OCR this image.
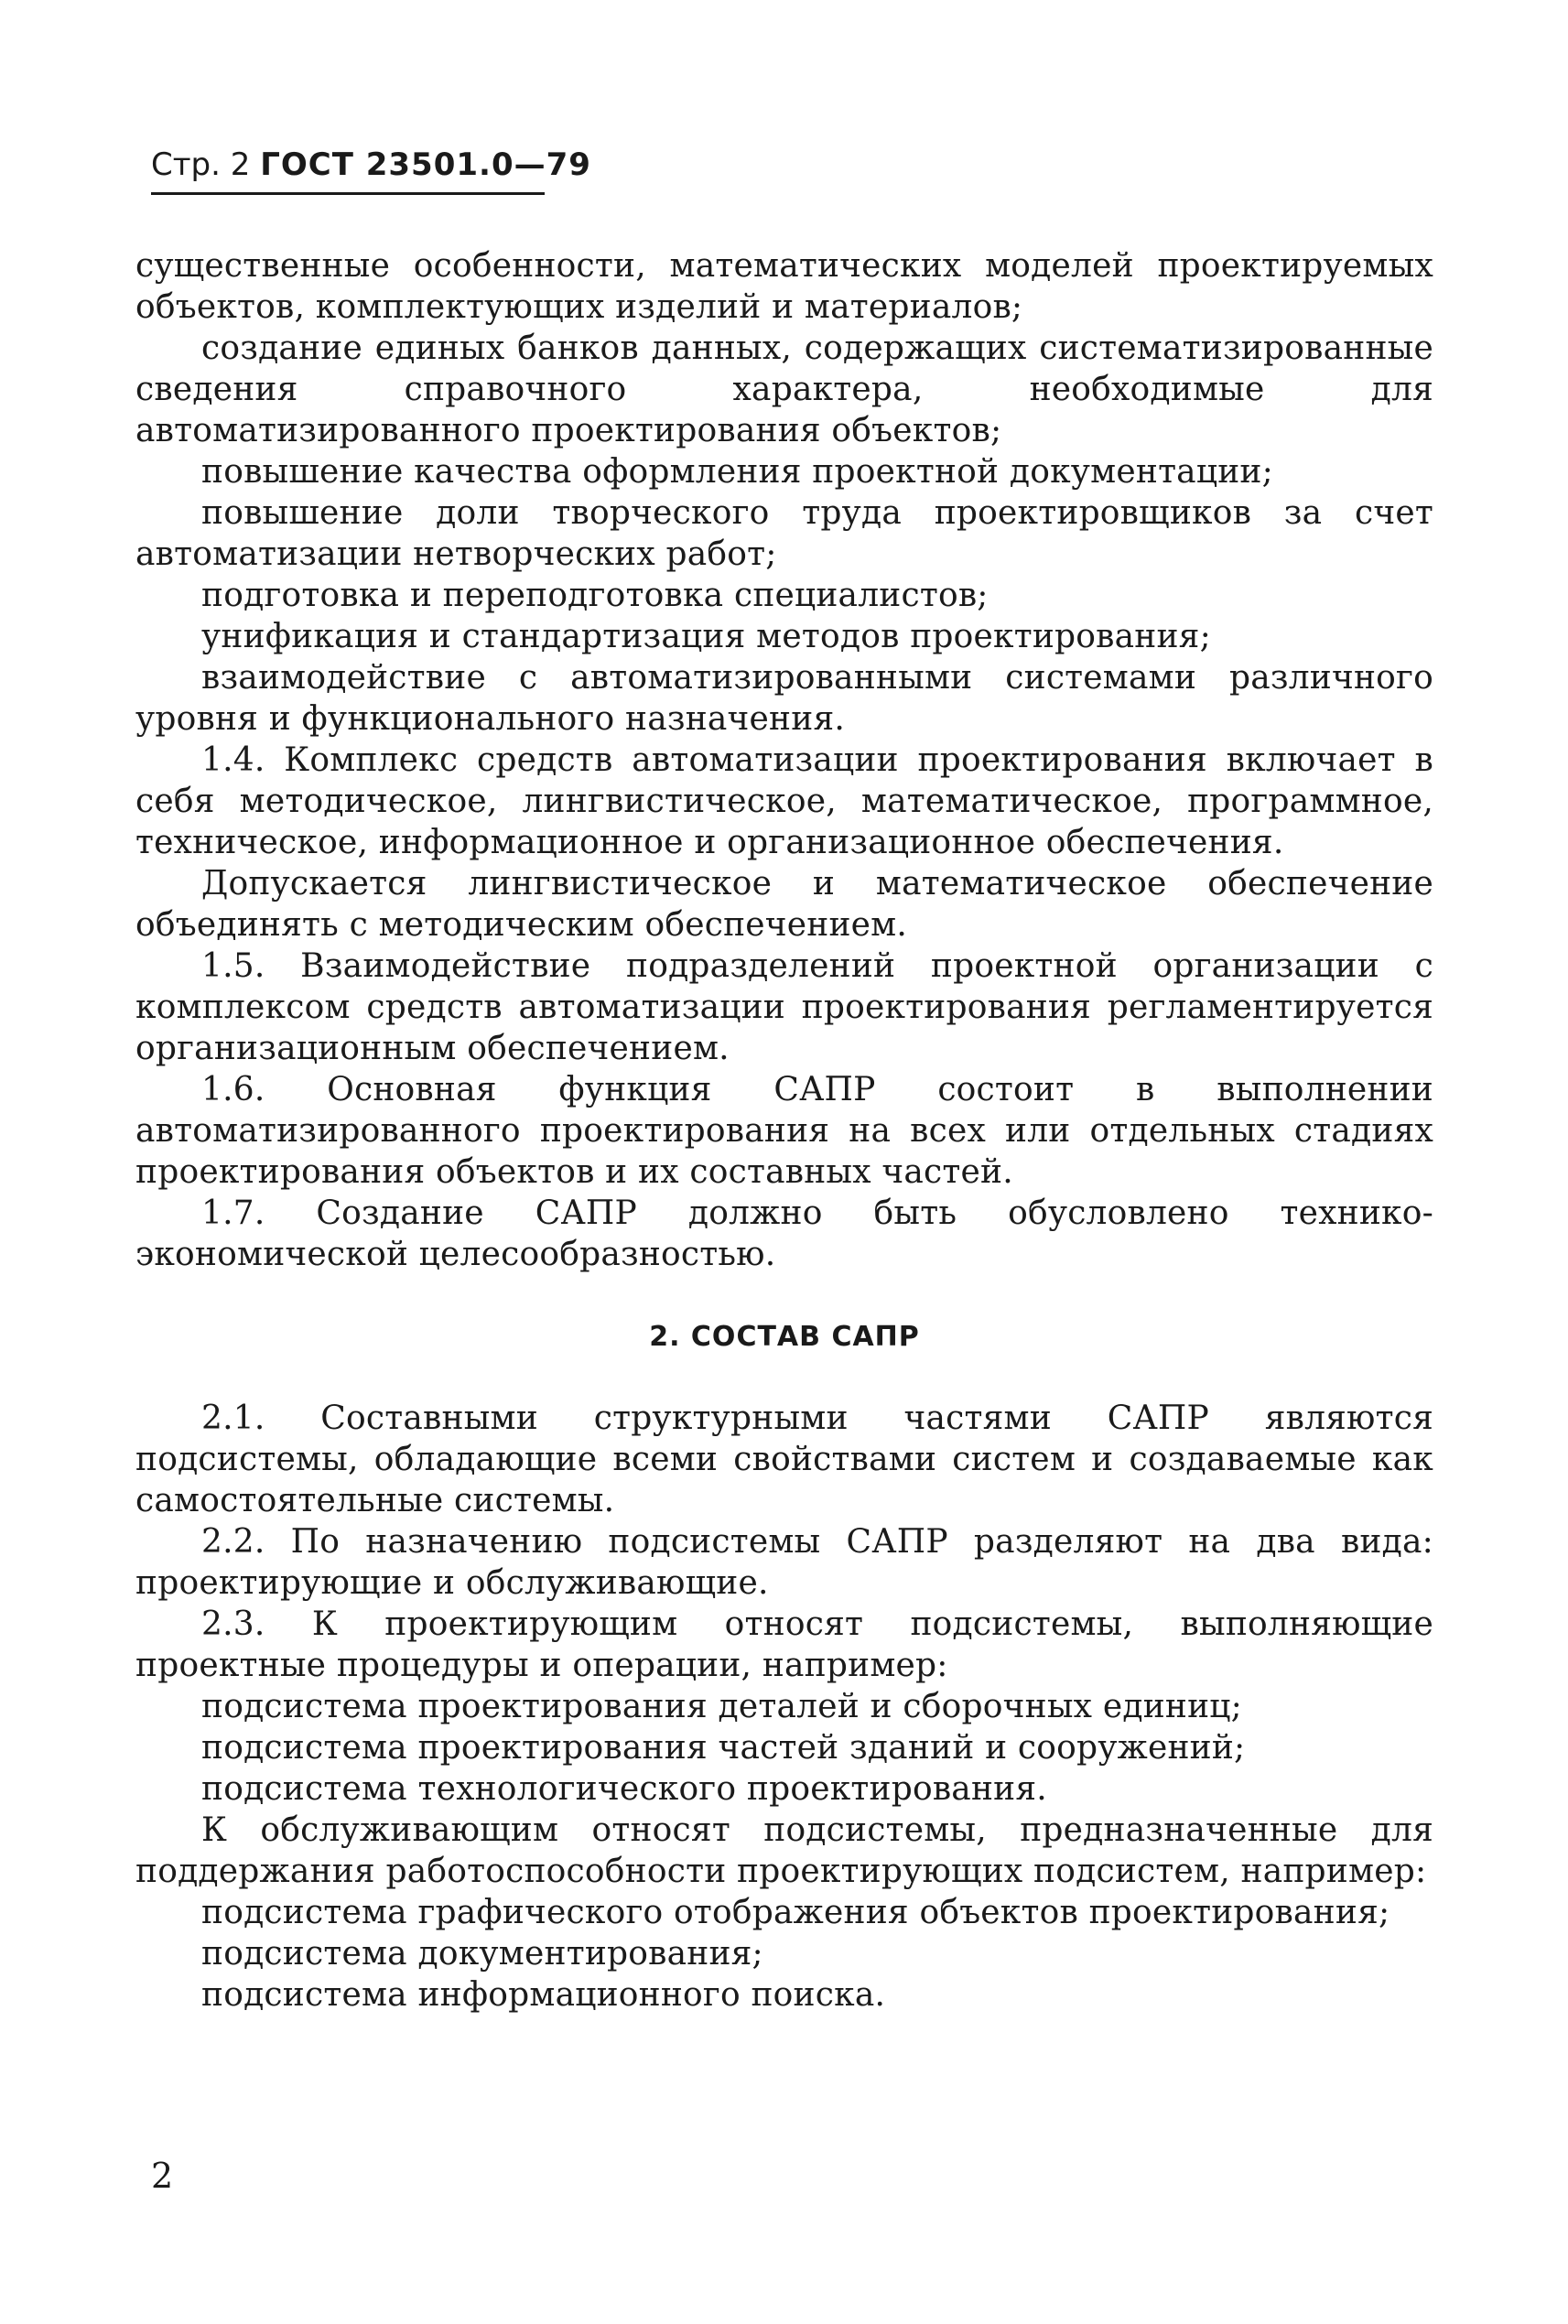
Стр. 2 ГОСТ 23501.0—79

существенные особенности, математических моделей проектируемых объектов, комплектующих изделий и материалов;

создание единых банков данных, содержащих систематизированные сведения справочного характера, необходимые для автоматизированного проектирования объектов;

повышение качества оформления проектной документации;

повышение доли творческого труда проектировщиков за счет автоматизации нетворческих работ;

подготовка и переподготовка специалистов;

унификация и стандартизация методов проектирования;

взаимодействие с автоматизированными системами различного уровня и функционального назначения.

1.4. Комплекс средств автоматизации проектирования включает в себя методическое, лингвистическое, математическое, программное, техническое, информационное и организационное обеспечения.

Допускается лингвистическое и математическое обеспечение объединять с методическим обеспечением.

1.5. Взаимодействие подразделений проектной организации с комплексом средств автоматизации проектирования регламентируется организационным обеспечением.

1.6. Основная функция САПР состоит в выполнении автоматизированного проектирования на всех или отдельных стадиях проектирования объектов и их составных частей.

1.7. Создание САПР должно быть обусловлено технико-экономической целесообразностью.

2. СОСТАВ САПР

2.1. Составными структурными частями САПР являются подсистемы, обладающие всеми свойствами систем и создаваемые как самостоятельные системы.

2.2. По назначению подсистемы САПР разделяют на два вида: проектирующие и обслуживающие.

2.3. К проектирующим относят подсистемы, выполняющие проектные процедуры и операции, например:

подсистема проектирования деталей и сборочных единиц;

подсистема проектирования частей зданий и сооружений;

подсистема технологического проектирования.

К обслуживающим относят подсистемы, предназначенные для поддержания работоспособности проектирующих подсистем, например:

подсистема графического отображения объектов проектирования;

подсистема документирования;

подсистема информационного поиска.

2
